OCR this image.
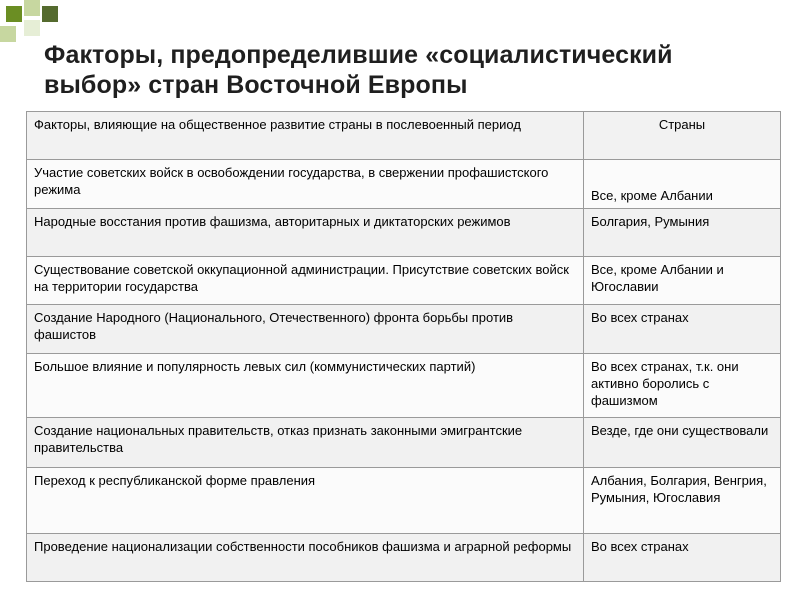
Факторы, предопределившие «социалистический выбор» стран Восточной Европы
Факторы, влияющие на общественное развитие страны в послевоенный период	Страны
Участие советских войск в освобождении государства, в свержении профашистского режима	Все, кроме Албании
Народные восстания против фашизма, авторитарных и диктаторских режимов	Болгария, Румыния
Существование советской оккупационной администрации. Присутствие советских войск на территории государства	Все, кроме Албании и Югославии
Создание Народного (Национального, Отечественного) фронта борьбы против фашистов	Во всех странах
Большое влияние и популярность левых сил (коммунистических партий)	Во всех странах, т.к. они активно боролись с фашизмом
Создание национальных правительств, отказ признать законными эмигрантские правительства	Везде, где они существовали
Переход к республиканской форме правления	Албания, Болгария, Венгрия, Румыния, Югославия
Проведение национализации собственности пособников фашизма и аграрной реформы	Во всех странах
